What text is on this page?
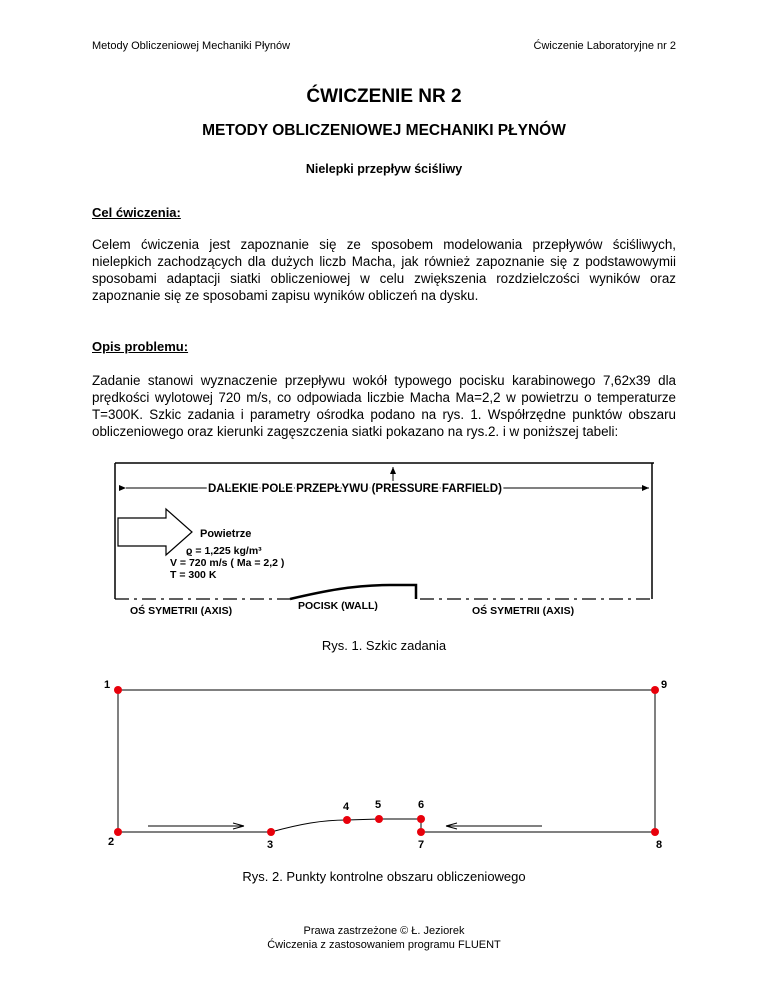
Metody Obliczeniowej Mechaniki Płynów	Ćwiczenie Laboratoryjne nr 2
ĆWICZENIE NR 2
METODY OBLICZENIOWEJ MECHANIKI PŁYNÓW
Nielepki przepływ ściśliwy
Cel ćwiczenia:
Celem ćwiczenia jest zapoznanie się ze sposobem modelowania przepływów ściśliwych, nielepkich zachodzących dla dużych liczb Macha, jak również zapoznanie się z podstawowymii sposobami adaptacji siatki obliczeniowej w celu zwiększenia rozdzielczości wyników oraz zapoznanie się ze sposobami zapisu wyników obliczeń na dysku.
Opis problemu:
Zadanie stanowi wyznaczenie przepływu wokół typowego pocisku karabinowego 7,62x39 dla prędkości wylotowej 720 m/s, co odpowiada liczbie Macha Ma=2,2 w powietrzu o temperaturze T=300K. Szkic zadania i parametry ośrodka podano na rys. 1. Współrzędne punktów obszaru obliczeniowego oraz kierunki zagęszczenia siatki pokazano na rys.2. i w poniższej tabeli:
DALEKIE POLE PRZEPŁYWU (PRESSURE FARFIELD)
Powietrze
ϱ = 1,225 kg/m³
V = 720 m/s ( Ma = 2,2 )
T = 300 K
OŚ SYMETRII (AXIS)	POCISK (WALL)	OŚ SYMETRII (AXIS)
Rys. 1. Szkic zadania
1
2	3
4 5	6
7	8
9
Rys. 2. Punkty kontrolne obszaru obliczeniowego
Prawa zastrzeżone © Ł. Jeziorek
Ćwiczenia z zastosowaniem programu FLUENT
